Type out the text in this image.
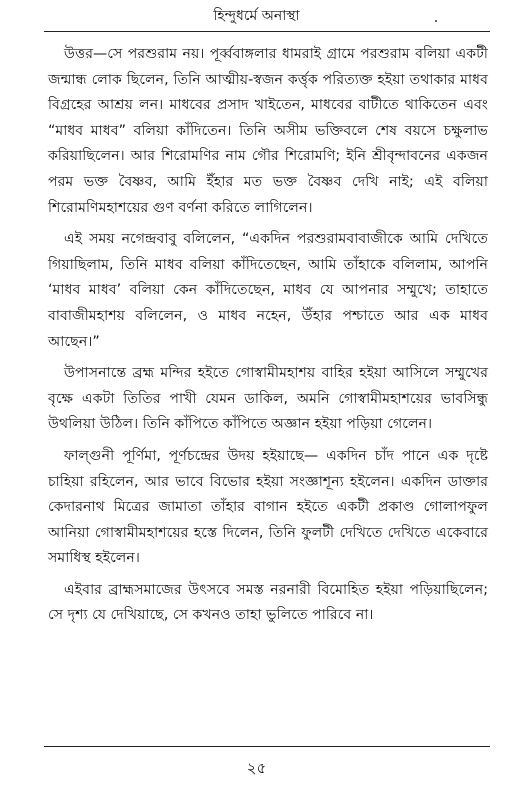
হিন্দুধর্মে অনাস্থা

উত্তর—সে পরশুরাম নয়। পূর্ব্ববাঙ্গলার ধামরাই গ্রামে পরশুরাম বলিয়া একটী জন্মান্ধ লোক ছিলেন, তিনি আত্মীয়-স্বজন কর্ত্তৃক পরিত্যক্ত হইয়া তথাকার মাধব বিগ্রহের আশ্রয় লন। মাধবের প্রসাদ খাইতেন, মাধবের বাটীতে থাকিতেন এবং “মাধব মাধব” বলিয়া কাঁদিতেন। তিনি অসীম ভক্তিবলে শেষ বয়সে চক্ষুলাভ করিয়াছিলেন। আর শিরোমণির নাম গৌর শিরোমণি; ইনি শ্রীবৃন্দাবনের একজন পরম ভক্ত বৈষ্ণব, আমি ইঁহার মত ভক্ত বৈষ্ণব দেখি নাই; এই বলিয়া শিরোমণিমহাশয়ের গুণ বর্ণনা করিতে লাগিলেন।

এই সময় নগেন্দ্রবাবু বলিলেন, “একদিন পরশুরামবাবাজীকে আমি দেখিতে গিয়াছিলাম, তিনি মাধব বলিয়া কাঁদিতেছেন, আমি তাঁহাকে বলিলাম, আপনি ‘মাধব মাধব’ বলিয়া কেন কাঁদিতেছেন, মাধব যে আপনার সম্মুখে; তাহাতে বাবাজীমহাশয় বলিলেন, ও মাধব নহেন, উঁহার পশ্চাতে আর এক মাধব আছেন।”

উপাসনান্তে ব্রহ্ম মন্দির হইতে গোস্বামীমহাশয় বাহির হইয়া আসিলে সম্মুখের বৃক্ষে একটা তিতির পাখী যেমন ডাকিল, অমনি গোস্বামীমহাশয়ের ভাবসিন্ধু উথলিয়া উঠিল। তিনি কাঁপিতে কাঁপিতে অজ্ঞান হইয়া পড়িয়া গেলেন।

ফাল্গুনী পূর্ণিমা, পূর্ণচন্দ্রের উদয় হইয়াছে— একদিন চাঁদ পানে এক দৃষ্টে চাহিয়া রহিলেন, আর ভাবে বিভোর হইয়া সংজ্ঞাশূন্য হইলেন। একদিন ডাক্তার কেদারনাথ মিত্রের জামাতা তাঁহার বাগান হইতে একটী প্রকাণ্ড গোলাপফুল আনিয়া গোস্বামীমহাশয়ের হস্তে দিলেন, তিনি ফুলটী দেখিতে দেখিতে একেবারে সমাধিস্থ হইলেন।

এইবার ব্রাহ্মসমাজের উৎসবে সমস্ত নরনারী বিমোহিত হইয়া পড়িয়াছিলেন; সে দৃশ্য যে দেখিয়াছে, সে কখনও তাহা ভুলিতে পারিবে না।

২৫
